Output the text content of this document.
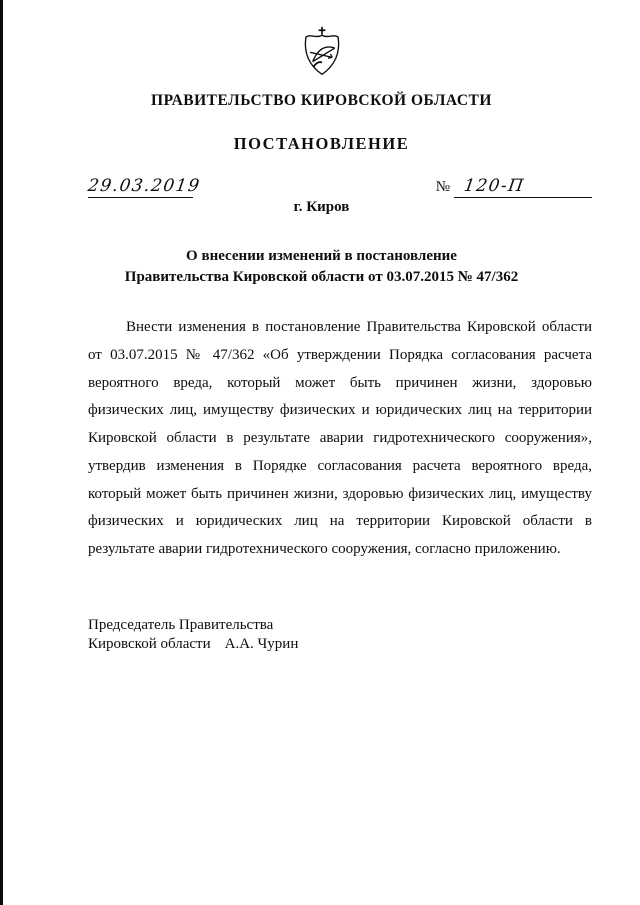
ПРАВИТЕЛЬСТВО КИРОВСКОЙ ОБЛАСТИ
ПОСТАНОВЛЕНИЕ
29.03.2019	№ 120-П
г. Киров
О внесении изменений в постановление
Правительства Кировской области от 03.07.2015 № 47/362

Внести изменения в постановление Правительства Кировской области от 03.07.2015 № 47/362 «Об утверждении Порядка согласования расчета вероятного вреда, который может быть причинен жизни, здоровью физических лиц, имуществу физических и юридических лиц на территории Кировской области в результате аварии гидротехнического сооружения», утвердив изменения в Порядке согласования расчета вероятного вреда, который может быть причинен жизни, здоровью физических лиц, имуществу физических и юридических лиц на территории Кировской области в результате аварии гидротехнического сооружения, согласно приложению.

Председатель Правительства
Кировской области А.А. Чурин
